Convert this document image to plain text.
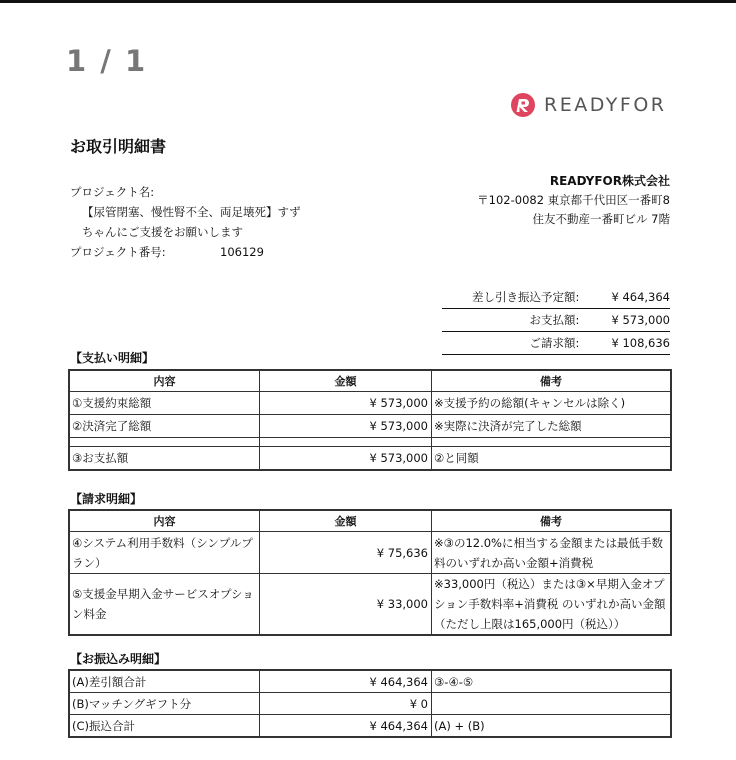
1 / 1
READYFOR
お取引明細書
READYFOR株式会社
〒102-0082 東京都千代田区一番町8
住友不動産一番町ビル 7階
プロジェクト名:
【尿管閉塞、慢性腎不全、両足壊死】すずちゃんにご支援をお願いします
プロジェクト番号:	106129
差し引き振込予定額:	¥ 464,364
お支払額:	¥ 573,000
ご請求額:	¥ 108,636
【支払い明細】
内容	金額	備考
①支援約束総額	¥ 573,000	※支援予約の総額(キャンセルは除く)
②決済完了総額	¥ 573,000	※実際に決済が完了した総額

③お支払額	¥ 573,000	②と同額
【請求明細】
内容	金額	備考
④システム利用手数料（シンプルプラン）	¥ 75,636	※③の12.0%に相当する金額または最低手数料のいずれか高い金額+消費税
⑤支援金早期入金サービスオプション料金	¥ 33,000	※33,000円（税込）または③×早期入金オプション手数料率+消費税 のいずれか高い金額（ただし上限は165,000円（税込））
【お振込み明細】
(A)差引額合計	¥ 464,364	③-④-⑤
(B)マッチングギフト分	¥ 0	
(C)振込合計	¥ 464,364	(A) + (B)
